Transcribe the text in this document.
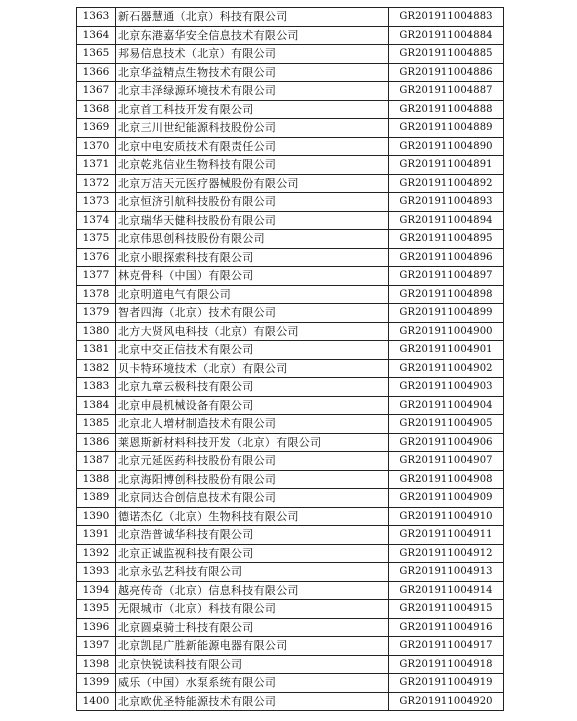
1363	新石器慧通（北京）科技有限公司	GR201911004883
1364	北京东港嘉华安全信息技术有限公司	GR201911004884
1365	邦易信息技术（北京）有限公司	GR201911004885
1366	北京华益精点生物技术有限公司	GR201911004886
1367	北京丰泽绿源环境技术有限公司	GR201911004887
1368	北京首工科技开发有限公司	GR201911004888
1369	北京三川世纪能源科技股份公司	GR201911004889
1370	北京中电安质技术有限责任公司	GR201911004890
1371	北京乾兆信业生物科技有限公司	GR201911004891
1372	北京万洁天元医疗器械股份有限公司	GR201911004892
1373	北京恒济引航科技股份有限公司	GR201911004893
1374	北京瑞华天健科技股份有限公司	GR201911004894
1375	北京伟思创科技股份有限公司	GR201911004895
1376	北京小眼探索科技有限公司	GR201911004896
1377	林克骨科（中国）有限公司	GR201911004897
1378	北京明道电气有限公司	GR201911004898
1379	智者四海（北京）技术有限公司	GR201911004899
1380	北方大贤风电科技（北京）有限公司	GR201911004900
1381	北京中交正信技术有限公司	GR201911004901
1382	贝卡特环境技术（北京）有限公司	GR201911004902
1383	北京九章云极科技有限公司	GR201911004903
1384	北京申晨机械设备有限公司	GR201911004904
1385	北京北人增材制造技术有限公司	GR201911004905
1386	莱恩斯新材料科技开发（北京）有限公司	GR201911004906
1387	北京元延医药科技股份有限公司	GR201911004907
1388	北京海阳博创科技股份有限公司	GR201911004908
1389	北京同达合创信息技术有限公司	GR201911004909
1390	德诺杰亿（北京）生物科技有限公司	GR201911004910
1391	北京浩普诚华科技有限公司	GR201911004911
1392	北京正诚监视科技有限公司	GR201911004912
1393	北京永弘艺科技有限公司	GR201911004913
1394	越亮传奇（北京）信息科技有限公司	GR201911004914
1395	无限城市（北京）科技有限公司	GR201911004915
1396	北京圆桌骑士科技有限公司	GR201911004916
1397	北京凯昆广胜新能源电器有限公司	GR201911004917
1398	北京快锐读科技有限公司	GR201911004918
1399	威乐（中国）水泵系统有限公司	GR201911004919
1400	北京欧优圣特能源技术有限公司	GR201911004920
